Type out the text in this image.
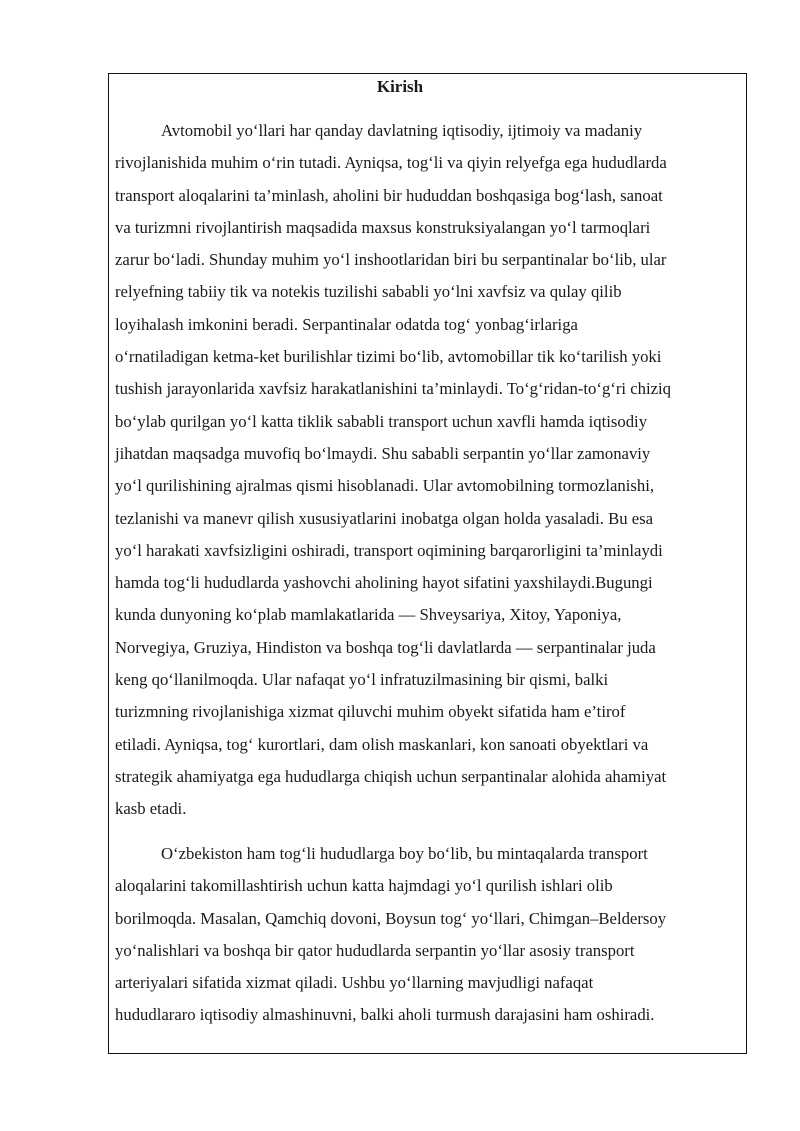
Kirish
Avtomobil yo‘llari har qanday davlatning iqtisodiy, ijtimoiy va madaniy
rivojlanishida muhim o‘rin tutadi. Ayniqsa, tog‘li va qiyin relyefga ega hududlarda
transport aloqalarini ta’minlash, aholini bir hududdan boshqasiga bog‘lash, sanoat
va turizmni rivojlantirish maqsadida maxsus konstruksiyalangan yo‘l tarmoqlari
zarur bo‘ladi. Shunday muhim yo‘l inshootlaridan biri bu serpantinalar bo‘lib, ular
relyefning tabiiy tik va notekis tuzilishi sababli yo‘lni xavfsiz va qulay qilib
loyihalash imkonini beradi. Serpantinalar odatda tog‘ yonbag‘irlariga
o‘rnatiladigan ketma-ket burilishlar tizimi bo‘lib, avtomobillar tik ko‘tarilish yoki
tushish jarayonlarida xavfsiz harakatlanishini ta’minlaydi. To‘g‘ridan-to‘g‘ri chiziq
bo‘ylab qurilgan yo‘l katta tiklik sababli transport uchun xavfli hamda iqtisodiy
jihatdan maqsadga muvofiq bo‘lmaydi. Shu sababli serpantin yo‘llar zamonaviy
yo‘l qurilishining ajralmas qismi hisoblanadi. Ular avtomobilning tormozlanishi,
tezlanishi va manevr qilish xususiyatlarini inobatga olgan holda yasaladi. Bu esa
yo‘l harakati xavfsizligini oshiradi, transport oqimining barqarorligini ta’minlaydi
hamda tog‘li hududlarda yashovchi aholining hayot sifatini yaxshilaydi.Bugungi
kunda dunyoning ko‘plab mamlakatlarida — Shveysariya, Xitoy, Yaponiya,
Norvegiya, Gruziya, Hindiston va boshqa tog‘li davlatlarda — serpantinalar juda
keng qo‘llanilmoqda. Ular nafaqat yo‘l infratuzilmasining bir qismi, balki
turizmning rivojlanishiga xizmat qiluvchi muhim obyekt sifatida ham e’tirof
etiladi. Ayniqsa, tog‘ kurortlari, dam olish maskanlari, kon sanoati obyektlari va
strategik ahamiyatga ega hududlarga chiqish uchun serpantinalar alohida ahamiyat
kasb etadi.
O‘zbekiston ham tog‘li hududlarga boy bo‘lib, bu mintaqalarda transport
aloqalarini takomillashtirish uchun katta hajmdagi yo‘l qurilish ishlari olib
borilmoqda. Masalan, Qamchiq dovoni, Boysun tog‘ yo‘llari, Chimgan–Beldersoy
yo‘nalishlari va boshqa bir qator hududlarda serpantin yo‘llar asosiy transport
arteriyalari sifatida xizmat qiladi. Ushbu yo‘llarning mavjudligi nafaqat
hududlararo iqtisodiy almashinuvni, balki aholi turmush darajasini ham oshiradi.
